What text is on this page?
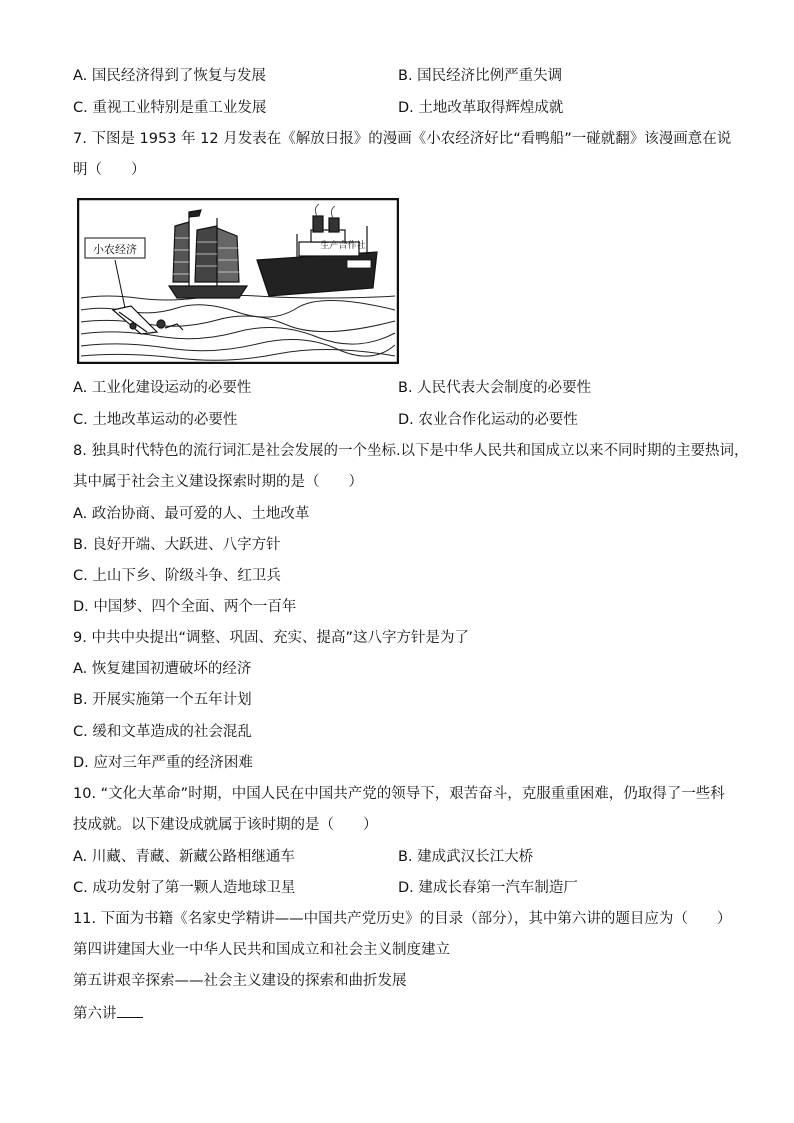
A. 国民经济得到了恢复与发展	B. 国民经济比例严重失调
C. 重视工业特别是重工业发展	D. 土地改革取得辉煌成就
7. 下图是 1953 年 12 月发表在《解放日报》的漫画《小农经济好比“看鸭船”一碰就翻》该漫画意在说
明（　　）
小农经济	生产合作社
A. 工业化建设运动的必要性	B. 人民代表大会制度的必要性
C. 土地改革运动的必要性	D. 农业合作化运动的必要性
8. 独具时代特色的流行词汇是社会发展的一个坐标.以下是中华人民共和国成立以来不同时期的主要热词，
其中属于社会主义建设探索时期的是（　　）
A. 政治协商、最可爱的人、土地改革
B. 良好开端、大跃进、八字方针
C. 上山下乡、阶级斗争、红卫兵
D. 中国梦、四个全面、两个一百年
9. 中共中央提出“调整、巩固、充实、提高”这八字方针是为了
A. 恢复建国初遭破坏的经济
B. 开展实施第一个五年计划
C. 缓和文革造成的社会混乱
D. 应对三年严重的经济困难
10. “文化大革命”时期，中国人民在中国共产党的领导下，艰苦奋斗，克服重重困难，仍取得了一些科
技成就。以下建设成就属于该时期的是（　　）
A. 川藏、青藏、新藏公路相继通车	B. 建成武汉长江大桥
C. 成功发射了第一颗人造地球卫星	D. 建成长春第一汽车制造厂
11. 下面为书籍《名家史学精讲——中国共产党历史》的目录（部分），其中第六讲的题目应为（　　）
第四讲建国大业一中华人民共和国成立和社会主义制度建立
第五讲艰辛探索——社会主义建设的探索和曲折发展
第六讲
